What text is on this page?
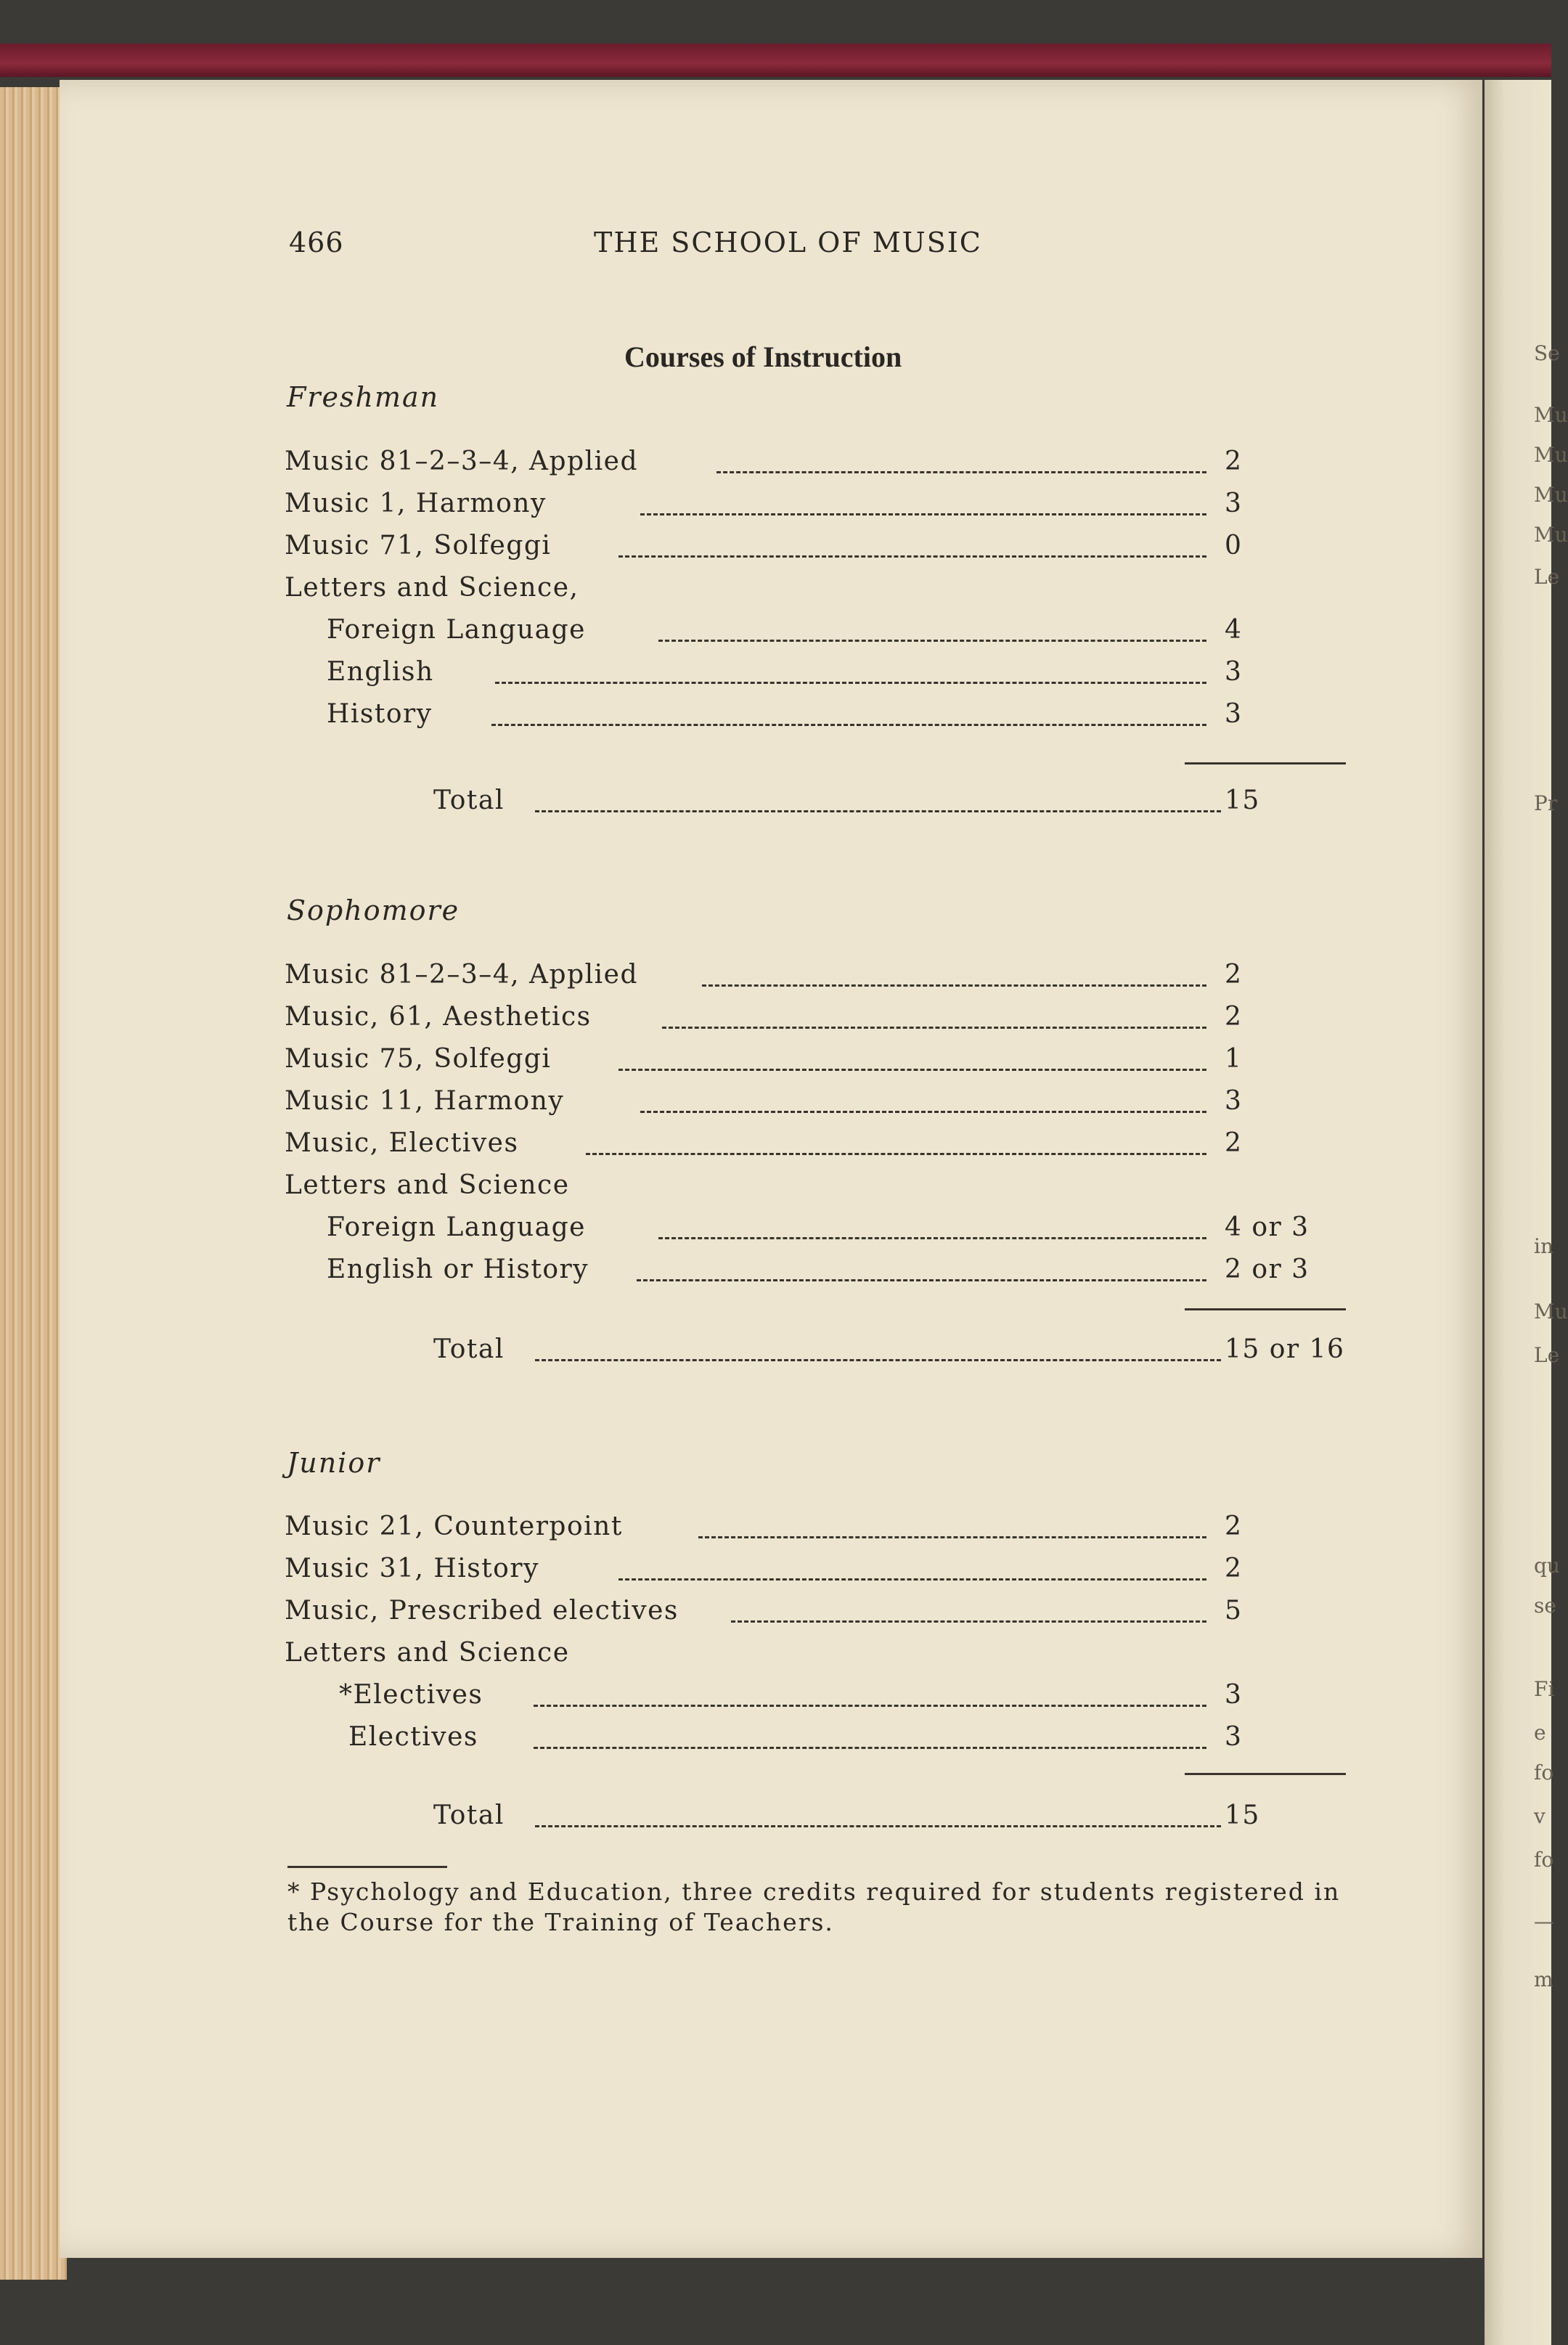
Se
Mu
Mu
Mu
Mu
Le
Pr
in
Mu
Le
qu
se
Fi
e
fo
v
fo
—
m
466	THE SCHOOL OF MUSIC
Courses of Instruction
Freshman
Music 81–2–3–4, Applied	2
Music 1, Harmony	3
Music 71, Solfeggi	0
Letters and Science,
Foreign Language	4
English	3
History	3
Total	15
Sophomore
Music 81–2–3–4, Applied	2
Music, 61, Aesthetics	2
Music 75, Solfeggi	1
Music 11, Harmony	3
Music, Electives	2
Letters and Science
Foreign Language	4 or 3
English or History	2 or 3
Total	15 or 16
Junior
Music 21, Counterpoint	2
Music 31, History	2
Music, Prescribed electives	5
Letters and Science
*Electives	3
Electives	3
Total	15
* Psychology and Education, three credits required for students registered in the Course for the Training of Teachers.
